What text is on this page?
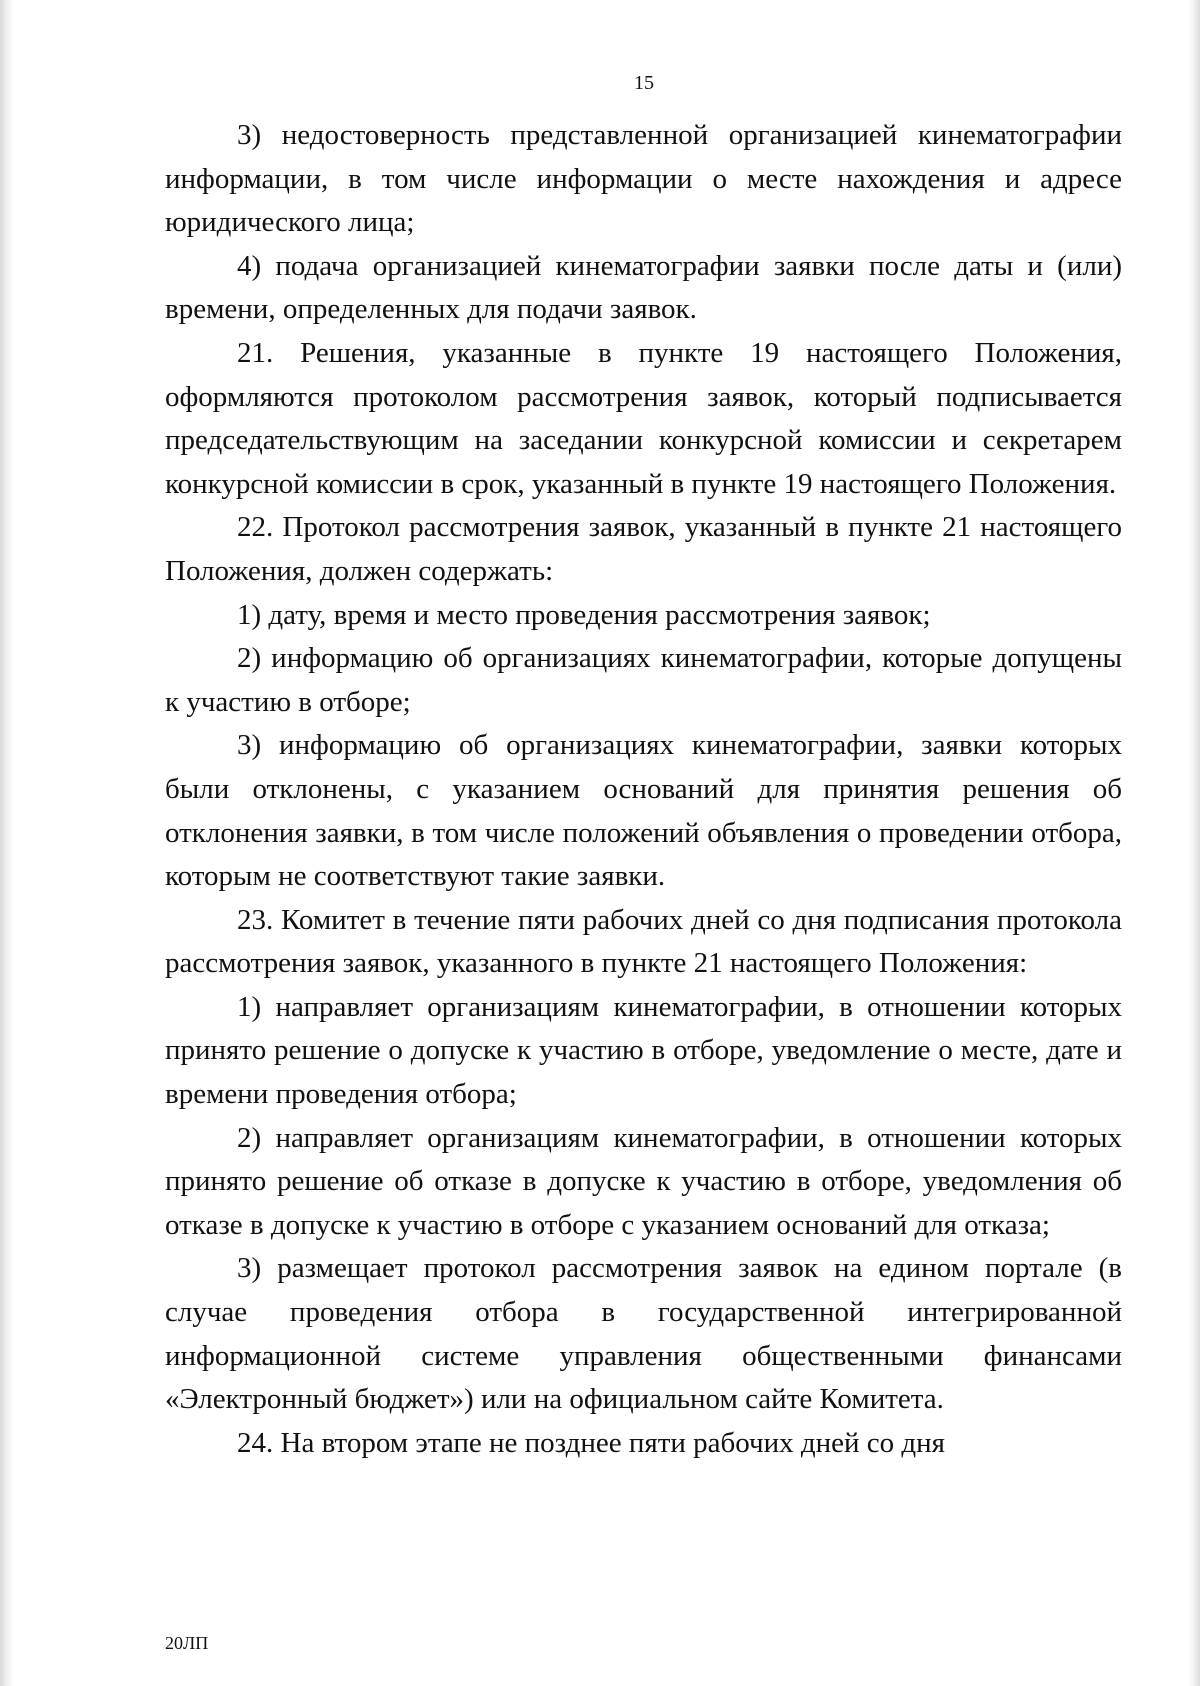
15

3) недостоверность представленной организацией кинематографии информации, в том числе информации о месте нахождения и адресе юридического лица;

4) подача организацией кинематографии заявки после даты и (или) времени, определенных для подачи заявок.

21. Решения, указанные в пункте 19 настоящего Положения, оформляются протоколом рассмотрения заявок, который подписывается председательствующим на заседании конкурсной комиссии и секретарем конкурсной комиссии в срок, указанный в пункте 19 настоящего Положения.

22. Протокол рассмотрения заявок, указанный в пункте 21 настоящего Положения, должен содержать:

1) дату, время и место проведения рассмотрения заявок;

2) информацию об организациях кинематографии, которые допущены к участию в отборе;

3) информацию об организациях кинематографии, заявки которых были отклонены, с указанием оснований для принятия решения об отклонения заявки, в том числе положений объявления о проведении отбора, которым не соответствуют такие заявки.

23. Комитет в течение пяти рабочих дней со дня подписания протокола рассмотрения заявок, указанного в пункте 21 настоящего Положения:

1) направляет организациям кинематографии, в отношении которых принято решение о допуске к участию в отборе, уведомление о месте, дате и времени проведения отбора;

2) направляет организациям кинематографии, в отношении которых принято решение об отказе в допуске к участию в отборе, уведомления об отказе в допуске к участию в отборе с указанием оснований для отказа;

3) размещает протокол рассмотрения заявок на едином портале (в случае проведения отбора в государственной интегрированной информационной системе управления общественными финансами «Электронный бюджет») или на официальном сайте Комитета.

24. На втором этапе не позднее пяти рабочих дней со дня

20ЛП
